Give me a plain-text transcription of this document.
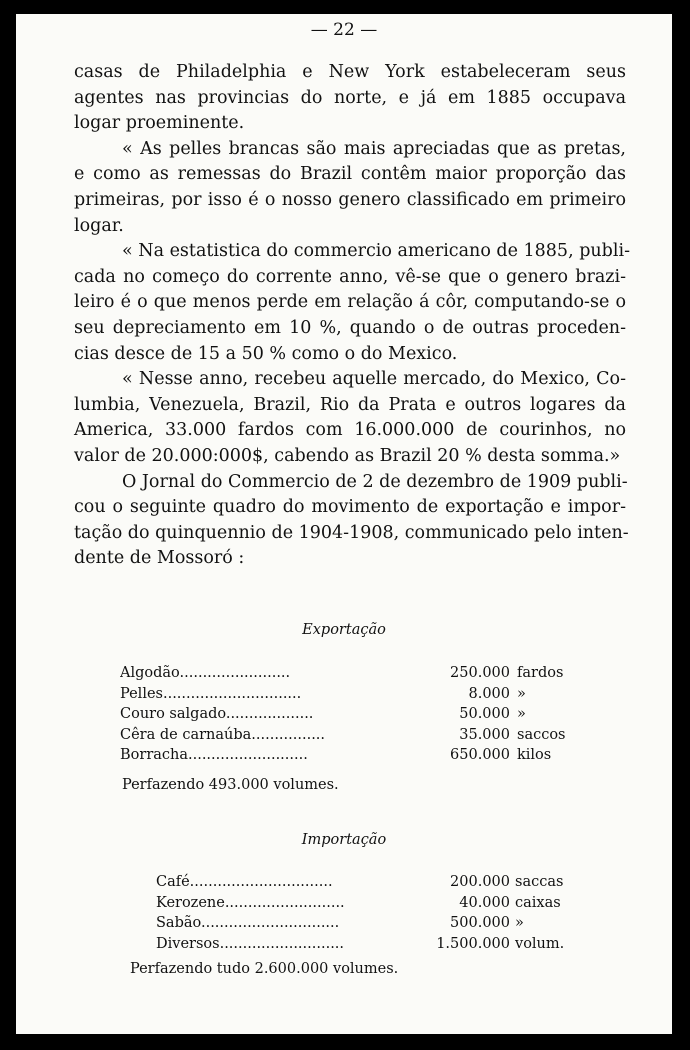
— 22 —

casas de Philadelphia e New York estabeleceram seus
agentes nas provincias do norte, e já em 1885 occupava
logar proeminente.

« As pelles brancas são mais apreciadas que as pretas,
e como as remessas do Brazil contêm maior proporção das
primeiras, por isso é o nosso genero classificado em primeiro
logar.

« Na estatistica do commercio americano de 1885, publi-
cada no começo do corrente anno, vê-se que o genero brazi-
leiro é o que menos perde em relação á côr, computando-se o
seu depreciamento em 10 %, quando o de outras proceden-
cias desce de 15 a 50 % como o do Mexico.

« Nesse anno, recebeu aquelle mercado, do Mexico, Co-
lumbia, Venezuela, Brazil, Rio da Prata e outros logares da
America, 33.000 fardos com 16.000.000 de courinhos, no
valor de 20.000:000$, cabendo as Brazil 20 % desta somma.»

O Jornal do Commercio de 2 de dezembro de 1909 publi-
cou o seguinte quadro do movimento de exportação e impor-
tação do quinquennio de 1904-1908, communicado pelo inten-
dente de Mossoró :

Exportação
Algodão........................	250.000 fardos
Pelles..............................	8.000 »
Couro salgado...................	50.000 »
Cêra de carnaúba................	35.000 saccos
Borracha..........................	650.000 kilos
Perfazendo 493.000 volumes.
Importação
Café...............................	200.000 saccas
Kerozene..........................	40.000 caixas
Sabão..............................	500.000 »
Diversos...........................	1.500.000 volum.
Perfazendo tudo 2.600.000 volumes.
